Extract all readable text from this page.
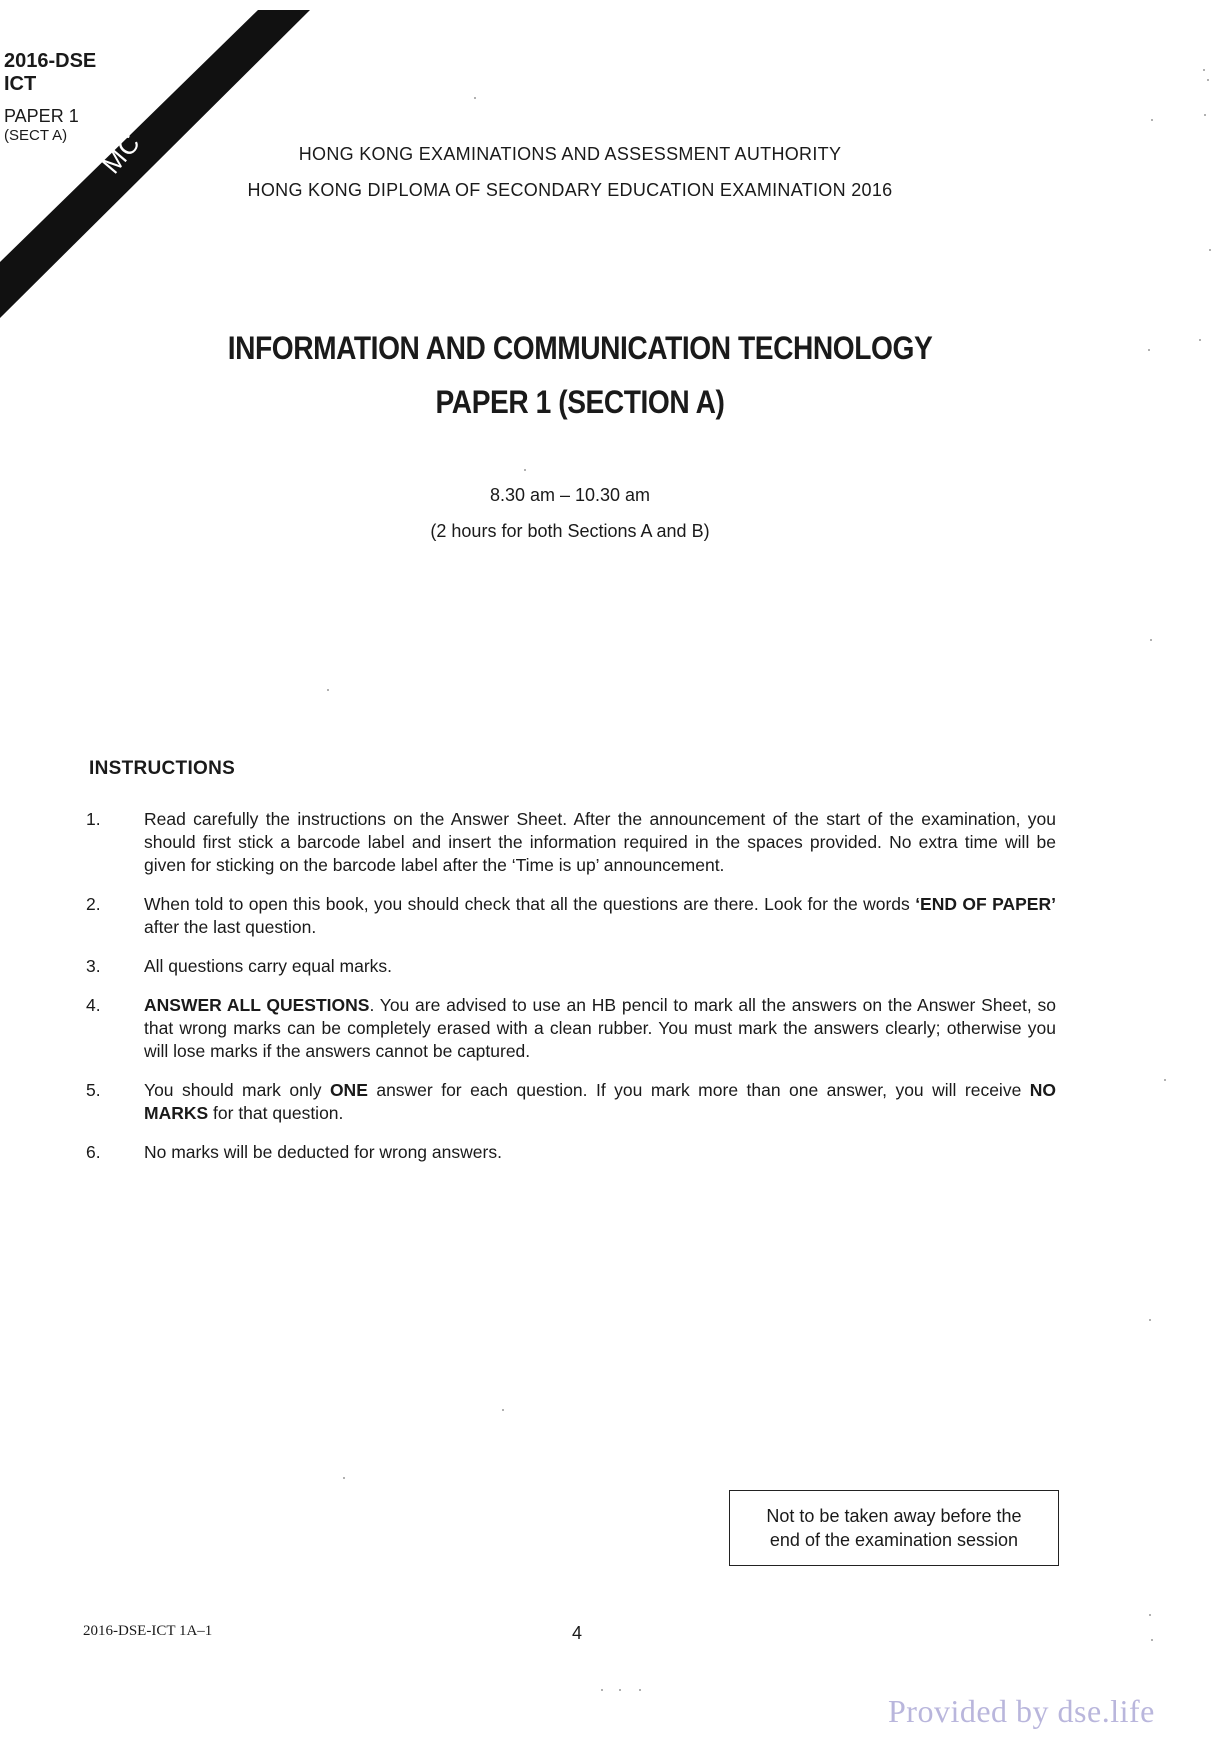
MC
2016-DSE
ICT
PAPER 1
(SECT A)
HONG KONG EXAMINATIONS AND ASSESSMENT AUTHORITY
HONG KONG DIPLOMA OF SECONDARY EDUCATION EXAMINATION 2016
INFORMATION AND COMMUNICATION TECHNOLOGY
PAPER 1 (SECTION A)
8.30 am – 10.30 am
(2 hours for both Sections A and B)
INSTRUCTIONS
1. Read carefully the instructions on the Answer Sheet. After the announcement of the start of the examination, you should first stick a barcode label and insert the information required in the spaces provided. No extra time will be given for sticking on the barcode label after the ‘Time is up’ announcement.
2. When told to open this book, you should check that all the questions are there. Look for the words ‘END OF PAPER’ after the last question.
3. All questions carry equal marks.
4. ANSWER ALL QUESTIONS. You are advised to use an HB pencil to mark all the answers on the Answer Sheet, so that wrong marks can be completely erased with a clean rubber. You must mark the answers clearly; otherwise you will lose marks if the answers cannot be captured.
5. You should mark only ONE answer for each question. If you mark more than one answer, you will receive NO MARKS for that question.
6. No marks will be deducted for wrong answers.
Not to be taken away before the
end of the examination session
2016-DSE-ICT 1A–1	4
Provided by dse.life
